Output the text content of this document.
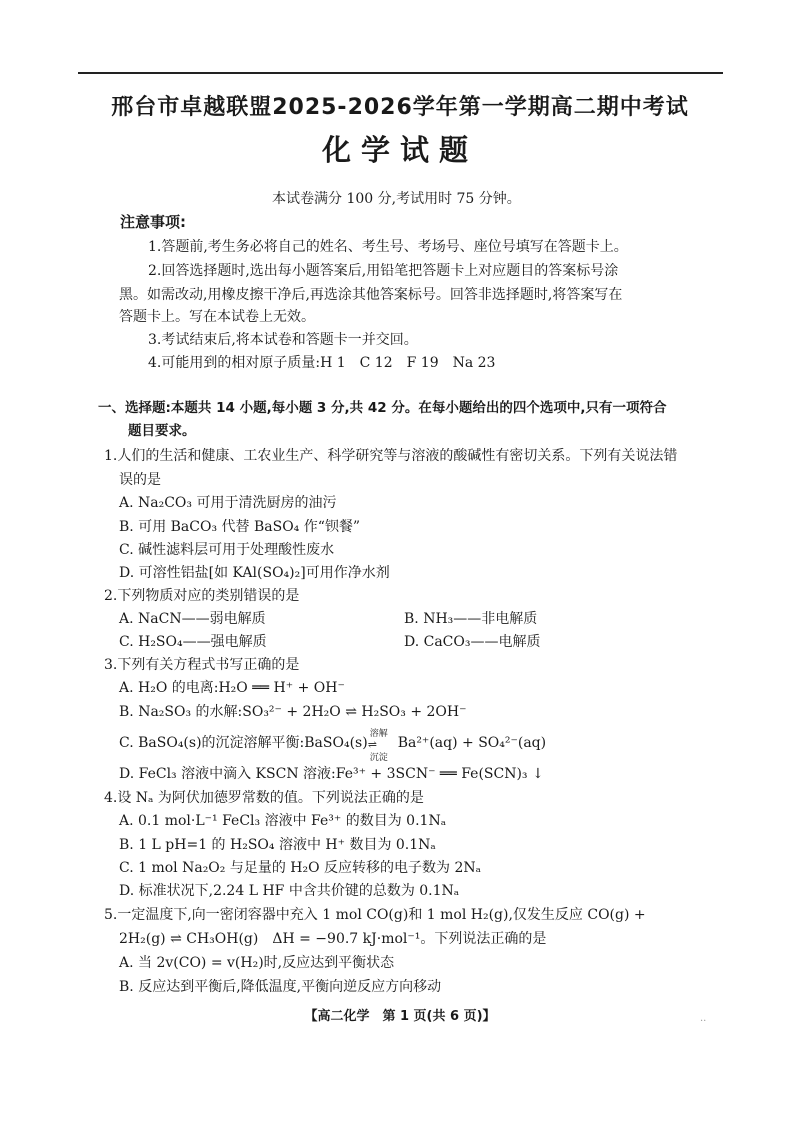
邢台市卓越联盟2025-2026学年第一学期高二期中考试
化学试题
本试卷满分 100 分,考试用时 75 分钟。
注意事项:
1.答题前,考生务必将自己的姓名、考生号、考场号、座位号填写在答题卡上。
2.回答选择题时,选出每小题答案后,用铅笔把答题卡上对应题目的答案标号涂
黑。如需改动,用橡皮擦干净后,再选涂其他答案标号。回答非选择题时,将答案写在
答题卡上。写在本试卷上无效。
3.考试结束后,将本试卷和答题卡一并交回。
4.可能用到的相对原子质量:H 1　C 12　F 19　Na 23
一、选择题:本题共 14 小题,每小题 3 分,共 42 分。在每小题给出的四个选项中,只有一项符合
题目要求。
1.人们的生活和健康、工农业生产、科学研究等与溶液的酸碱性有密切关系。下列有关说法错
误的是
A. Na₂CO₃ 可用于清洗厨房的油污
B. 可用 BaCO₃ 代替 BaSO₄ 作“钡餐”
C. 碱性滤料层可用于处理酸性废水
D. 可溶性铝盐[如 KAl(SO₄)₂]可用作净水剂
2.下列物质对应的类别错误的是
A. NaCN——弱电解质	B. NH₃——非电解质
C. H₂SO₄——强电解质	D. CaCO₃——电解质
3.下列有关方程式书写正确的是
A. H₂O 的电离:H₂O ══ H⁺ + OH⁻
B. Na₂SO₃ 的水解:SO₃²⁻ + 2H₂O ⇌ H₂SO₃ + 2OH⁻
C. BaSO₄(s)的沉淀溶解平衡:BaSO₄(s)
溶解
⇌
沉淀
Ba²⁺(aq) + SO₄²⁻(aq)
D. FeCl₃ 溶液中滴入 KSCN 溶液:Fe³⁺ + 3SCN⁻ ══ Fe(SCN)₃ ↓
4.设 Nₐ 为阿伏加德罗常数的值。下列说法正确的是
A. 0.1 mol·L⁻¹ FeCl₃ 溶液中 Fe³⁺ 的数目为 0.1Nₐ
B. 1 L pH=1 的 H₂SO₄ 溶液中 H⁺ 数目为 0.1Nₐ
C. 1 mol Na₂O₂ 与足量的 H₂O 反应转移的电子数为 2Nₐ
D. 标准状况下,2.24 L HF 中含共价键的总数为 0.1Nₐ
5.一定温度下,向一密闭容器中充入 1 mol CO(g)和 1 mol H₂(g),仅发生反应 CO(g) +
2H₂(g) ⇌ CH₃OH(g)　ΔH = −90.7 kJ·mol⁻¹。下列说法正确的是
A. 当 2v(CO) = v(H₂)时,反应达到平衡状态
B. 反应达到平衡后,降低温度,平衡向逆反应方向移动
【高二化学　第 1 页(共 6 页)】	..
